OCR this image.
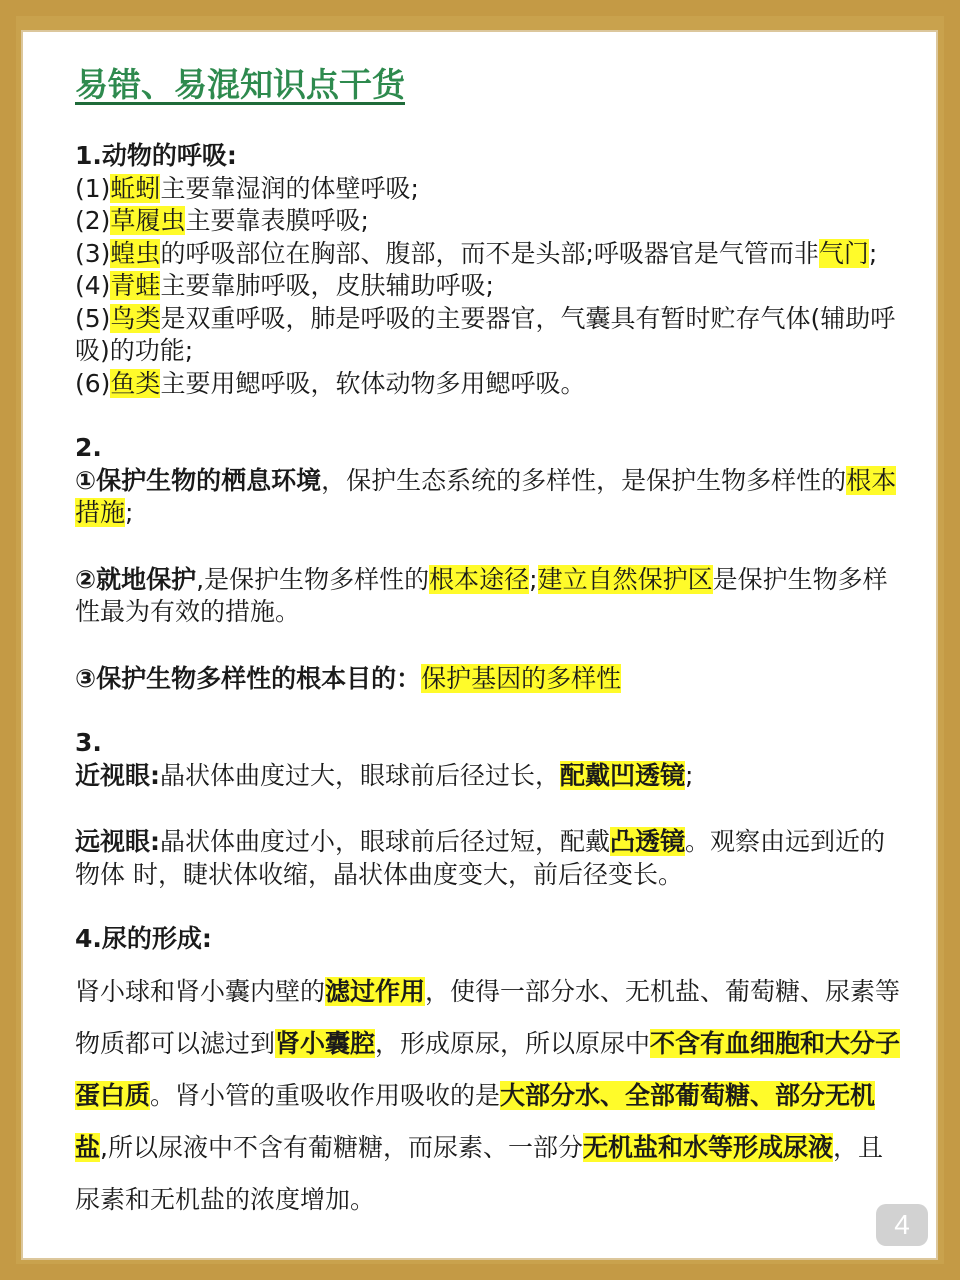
易错、易混知识点干货

1.动物的呼吸:

(1)蚯蚓主要靠湿润的体壁呼吸;

(2)草履虫主要靠表膜呼吸;

(3)蝗虫的呼吸部位在胸部、腹部，而不是头部;呼吸器官是气管而非气门;

(4)青蛙主要靠肺呼吸，皮肤辅助呼吸;

(5)鸟类是双重呼吸，肺是呼吸的主要器官，气囊具有暂时贮存气体(辅助呼吸)的功能;

(6)鱼类主要用鳃呼吸，软体动物多用鳃呼吸。

2.

①保护生物的栖息环境，保护生态系统的多样性，是保护生物多样性的根本措施;

②就地保护,是保护生物多样性的根本途径;建立自然保护区是保护生物多样性最为有效的措施。

③保护生物多样性的根本目的：保护基因的多样性

3.

近视眼:晶状体曲度过大，眼球前后径过长，配戴凹透镜;

远视眼:晶状体曲度过小，眼球前后径过短，配戴凸透镜。观察由远到近的物体 时，睫状体收缩，晶状体曲度变大，前后径变长。

4.尿的形成:

肾小球和肾小囊内壁的滤过作用，使得一部分水、无机盐、葡萄糖、尿素等物质都可以滤过到肾小囊腔，形成原尿，所以原尿中不含有血细胞和大分子蛋白质。肾小管的重吸收作用吸收的是大部分水、全部葡萄糖、部分无机盐,所以尿液中不含有葡糖糖，而尿素、一部分无机盐和水等形成尿液，且尿素和无机盐的浓度增加。

4
